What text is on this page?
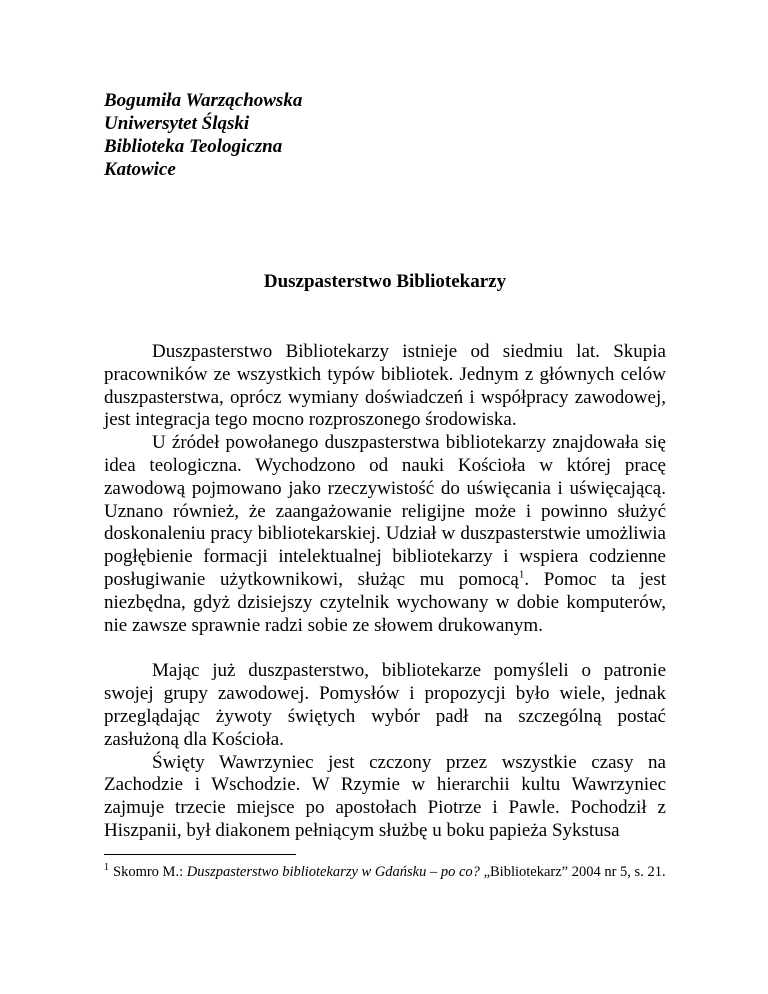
Bogumiła Warząchowska
Uniwersytet Śląski
Biblioteka Teologiczna
Katowice
Duszpasterstwo Bibliotekarzy

Duszpasterstwo Bibliotekarzy istnieje od siedmiu lat. Skupia pracowników ze wszystkich typów bibliotek. Jednym z głównych celów duszpasterstwa, oprócz wymiany doświadczeń i współpracy zawodowej, jest integracja tego mocno rozproszonego środowiska.

U źródeł powołanego duszpasterstwa bibliotekarzy znajdowała się idea teologiczna. Wychodzono od nauki Kościoła w której pracę zawodową pojmowano jako rzeczywistość do uświęcania i uświęcającą. Uznano również, że zaangażowanie religijne może i powinno służyć doskonaleniu pracy bibliotekarskiej. Udział w duszpasterstwie umożliwia pogłębienie formacji intelektualnej bibliotekarzy i wspiera codzienne posługiwanie użytkownikowi, służąc mu pomocą$^1$. Pomoc ta jest niezbędna, gdyż dzisiejszy czytelnik wychowany w dobie komputerów, nie zawsze sprawnie radzi sobie ze słowem drukowanym.

Mając już duszpasterstwo, bibliotekarze pomyśleli o patronie swojej grupy zawodowej. Pomysłów i propozycji było wiele, jednak przeglądając żywoty świętych wybór padł na szczególną postać zasłużoną dla Kościoła.

Święty Wawrzyniec jest czczony przez wszystkie czasy na Zachodzie i Wschodzie. W Rzymie w hierarchii kultu Wawrzyniec zajmuje trzecie miejsce po apostołach Piotrze i Pawle. Pochodził z Hiszpanii, był diakonem pełniącym służbę u boku papieża Sykstusa

$^1$ Skomro M.: Duszpasterstwo bibliotekarzy w Gdańsku – po co? „Bibliotekarz” 2004 nr 5, s. 21.
